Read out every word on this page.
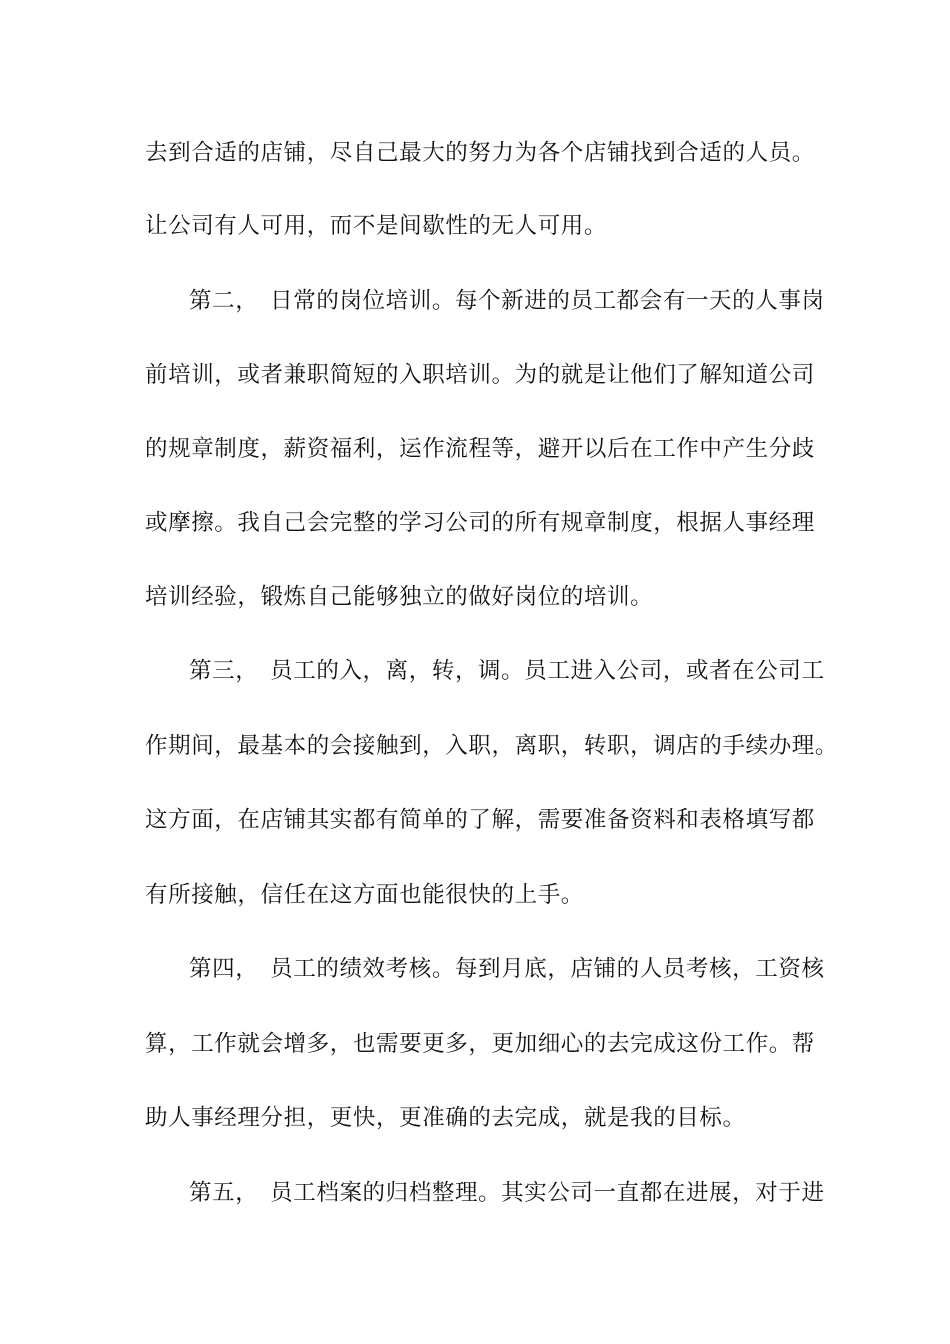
去到合适的店铺，尽自己最大的努力为各个店铺找到合适的人员。

让公司有人可用，而不是间歇性的无人可用。

第二，　日常的岗位培训。每个新进的员工都会有一天的人事岗

前培训，或者兼职简短的入职培训。为的就是让他们了解知道公司

的规章制度，薪资福利，运作流程等，避开以后在工作中产生分歧

或摩擦。我自己会完整的学习公司的所有规章制度，根据人事经理

培训经验，锻炼自己能够独立的做好岗位的培训。

第三，　员工的入，离，转，调。员工进入公司，或者在公司工

作期间，最基本的会接触到，入职，离职，转职，调店的手续办理。

这方面，在店铺其实都有简单的了解，需要准备资料和表格填写都

有所接触，信任在这方面也能很快的上手。

第四，　员工的绩效考核。每到月底，店铺的人员考核，工资核

算，工作就会增多，也需要更多，更加细心的去完成这份工作。帮

助人事经理分担，更快，更准确的去完成，就是我的目标。

第五，　员工档案的归档整理。其实公司一直都在进展，对于进
